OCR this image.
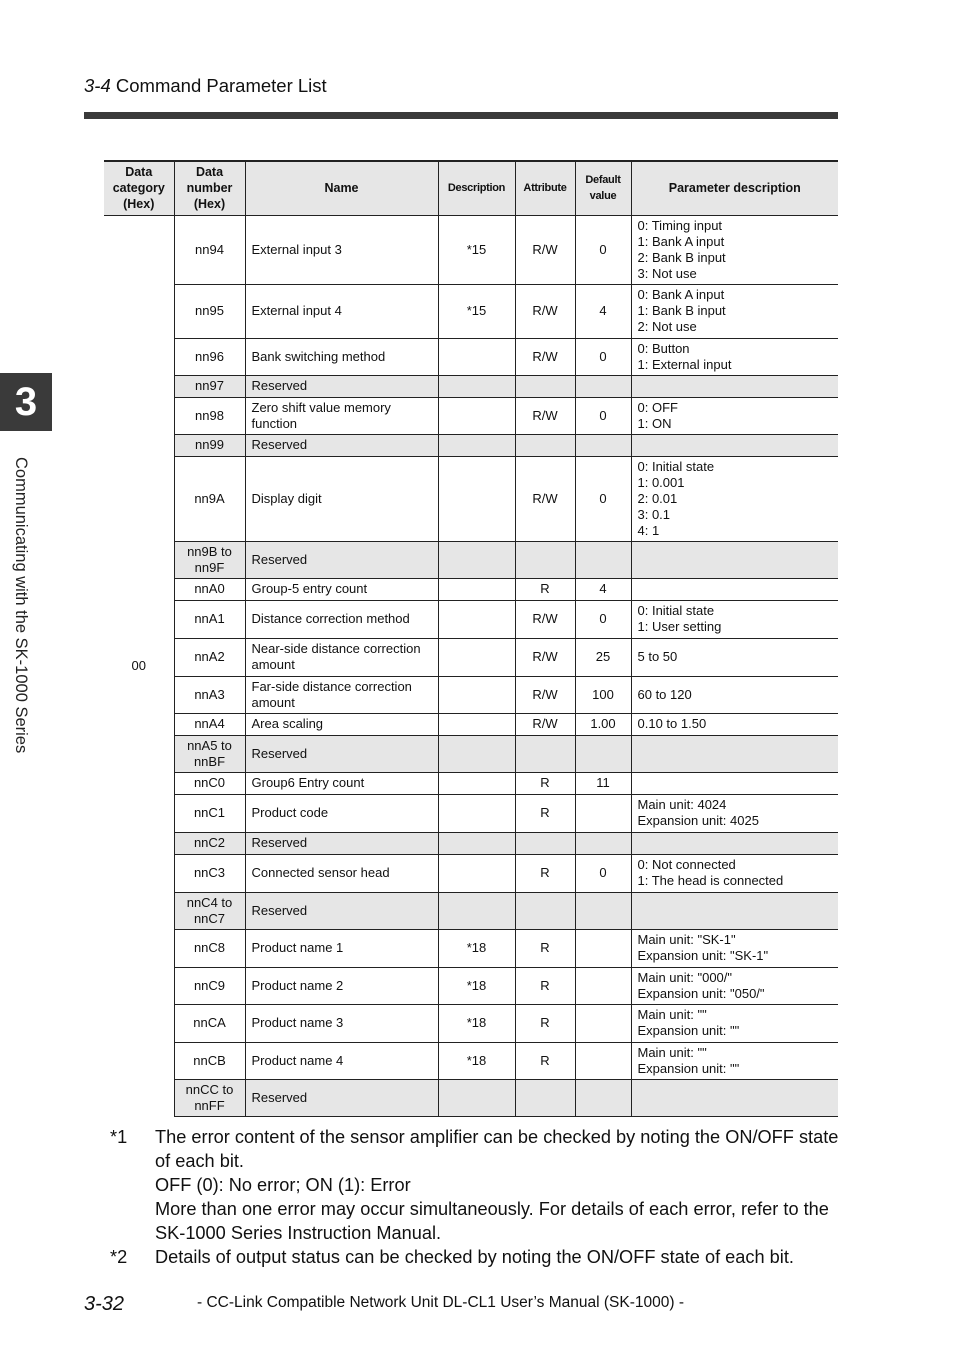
3-4 Command Parameter List
3
Communicating with the SK-1000 Series
Data category (Hex)	Data number (Hex)	Name	Description	Attribute	Default value	Parameter description
00	nn94	External input 3	*15	R/W	0	0: Timing input
1: Bank A input
2: Bank B input
3: Not use

	nn95	External input 4	*15	R/W	4	0: Bank A input
1: Bank B input
2: Not use

	nn96	Bank switching method		R/W	0	0: Button
1: External input

	nn97	Reserved				
	nn98	Zero shift value memory function		R/W	0	0: OFF
1: ON

	nn99	Reserved				
	nn9A	Display digit		R/W	0	0: Initial state
1: 0.001
2: 0.01
3: 0.1
4: 1

	nn9B to nn9F	Reserved				
	nnA0	Group-5 entry count		R	4	
	nnA1	Distance correction method		R/W	0	0: Initial state
1: User setting

	nnA2	Near-side distance correction amount		R/W	25	5 to 50

	nnA3	Far-side distance correction amount		R/W	100	60 to 120

	nnA4	Area scaling		R/W	1.00	0.10 to 1.50

	nnA5 to nnBF	Reserved				
	nnC0	Group6 Entry count		R	11	
	nnC1	Product code		R		Main unit: 4024
Expansion unit: 4025

	nnC2	Reserved				
	nnC3	Connected sensor head		R	0	0: Not connected
1: The head is connected

	nnC4 to nnC7	Reserved				
	nnC8	Product name 1	*18	R		Main unit: "SK-1"
Expansion unit: "SK-1"

	nnC9	Product name 2	*18	R		Main unit: "000/"
Expansion unit: "050/"

	nnCA	Product name 3	*18	R		Main unit: ""
Expansion unit: ""

	nnCB	Product name 4	*18	R		Main unit: ""
Expansion unit: ""

	nnCC to nnFF	Reserved				
*1	The error content of the sensor amplifier can be checked by noting the ON/OFF state of each bit.
OFF (0): No error; ON (1): Error
More than one error may occur simultaneously. For details of each error, refer to the SK-1000 Series Instruction Manual.
*2	Details of output status can be checked by noting the ON/OFF state of each bit.
3-32	- CC-Link Compatible Network Unit DL-CL1 User’s Manual (SK-1000) -
